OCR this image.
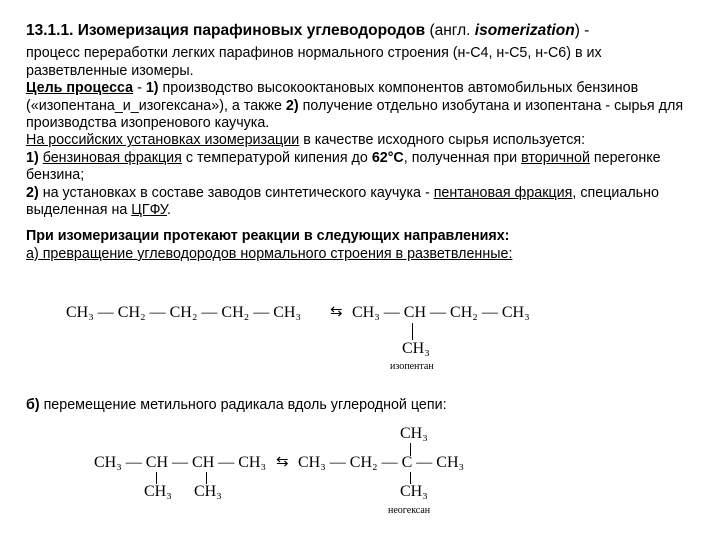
13.1.1. Изомеризация парафиновых углеводородов (англ. isomerization) -

процесс переработки легких парафинов нормального строения (н-С4, н-С5, н-С6) в их разветвленные изомеры.

Цель процесса - 1) производство высокооктановых компонентов автомобильных бензинов («изопентана_и_изогексана»), а также 2) получение отдельно изобутана и изопентана - сырья для производства изопренового каучука.

На российских установках изомеризации в качестве исходного сырья используется:

1) бензиновая фракция с температурой кипения до 62°С, полученная при вторичной перегонке бензина;

2) на установках в составе заводов синтетического каучука - пентановая фракция, специально выделенная на ЦГФУ.

При изомеризации протекают реакции в следующих направлениях:

а) превращение углеводородов нормального строения в разветвленные:

CH₃ — CH₂ — CH₂ — CH₂ — CH₃ ⇆ CH₃ — CH — CH₂ — CH₃
CH₃
изопентан
б) перемещение метильного радикала вдоль углеродной цепи:
CH₃
CH₃ — CH — CH — CH₃ ⇆ CH₃ — CH₂ — C — CH₃
CH₃ CH₃	CH₃
неогексан
